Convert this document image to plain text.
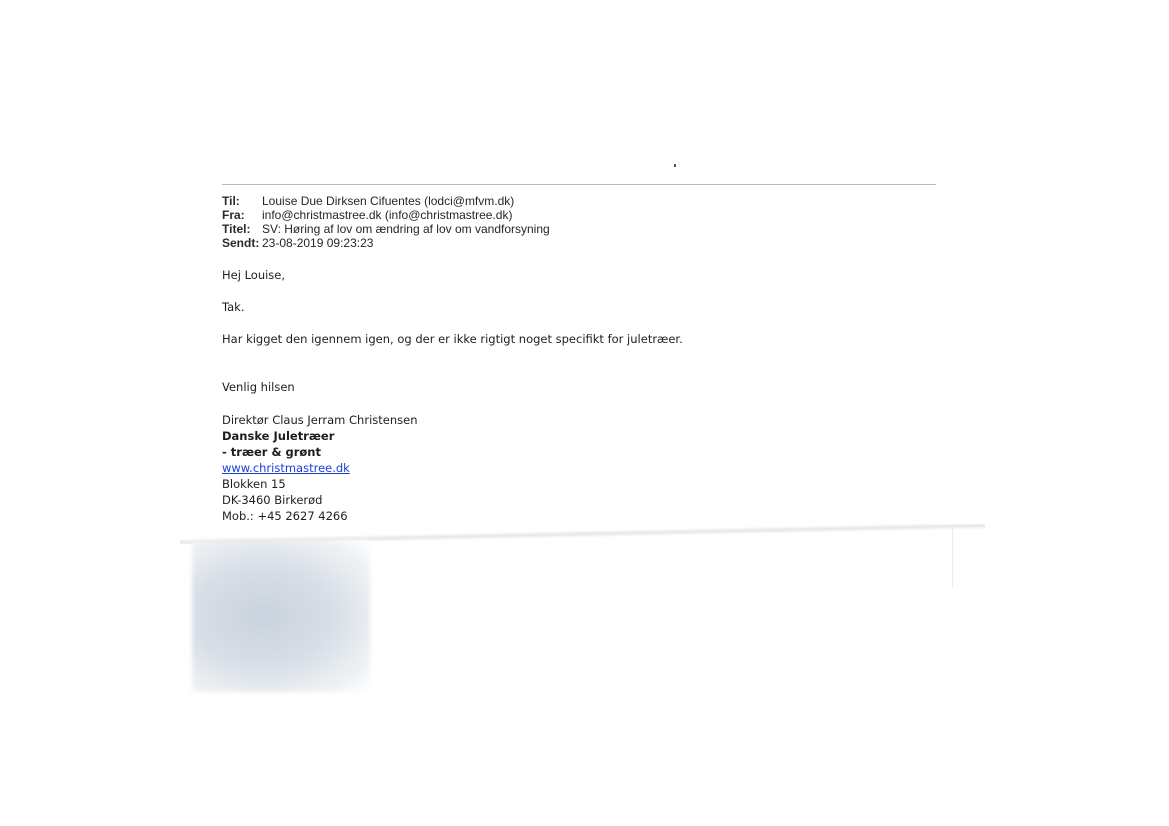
Til:	Louise Due Dirksen Cifuentes (lodci@mfvm.dk)
Fra:	info@christmastree.dk (info@christmastree.dk)
Titel: SV: Høring af lov om ændring af lov om vandforsyning
Sendt: 23-08-2019 09:23:23
Hej Louise,
Tak.
Har kigget den igennem igen, og der er ikke rigtigt noget specifikt for juletræer.
Venlig hilsen
Direktør Claus Jerram Christensen
Danske Juletræer
- træer & grønt
www.christmastree.dk
Blokken 15
DK-3460 Birkerød
Mob.: +45 2627 4266
